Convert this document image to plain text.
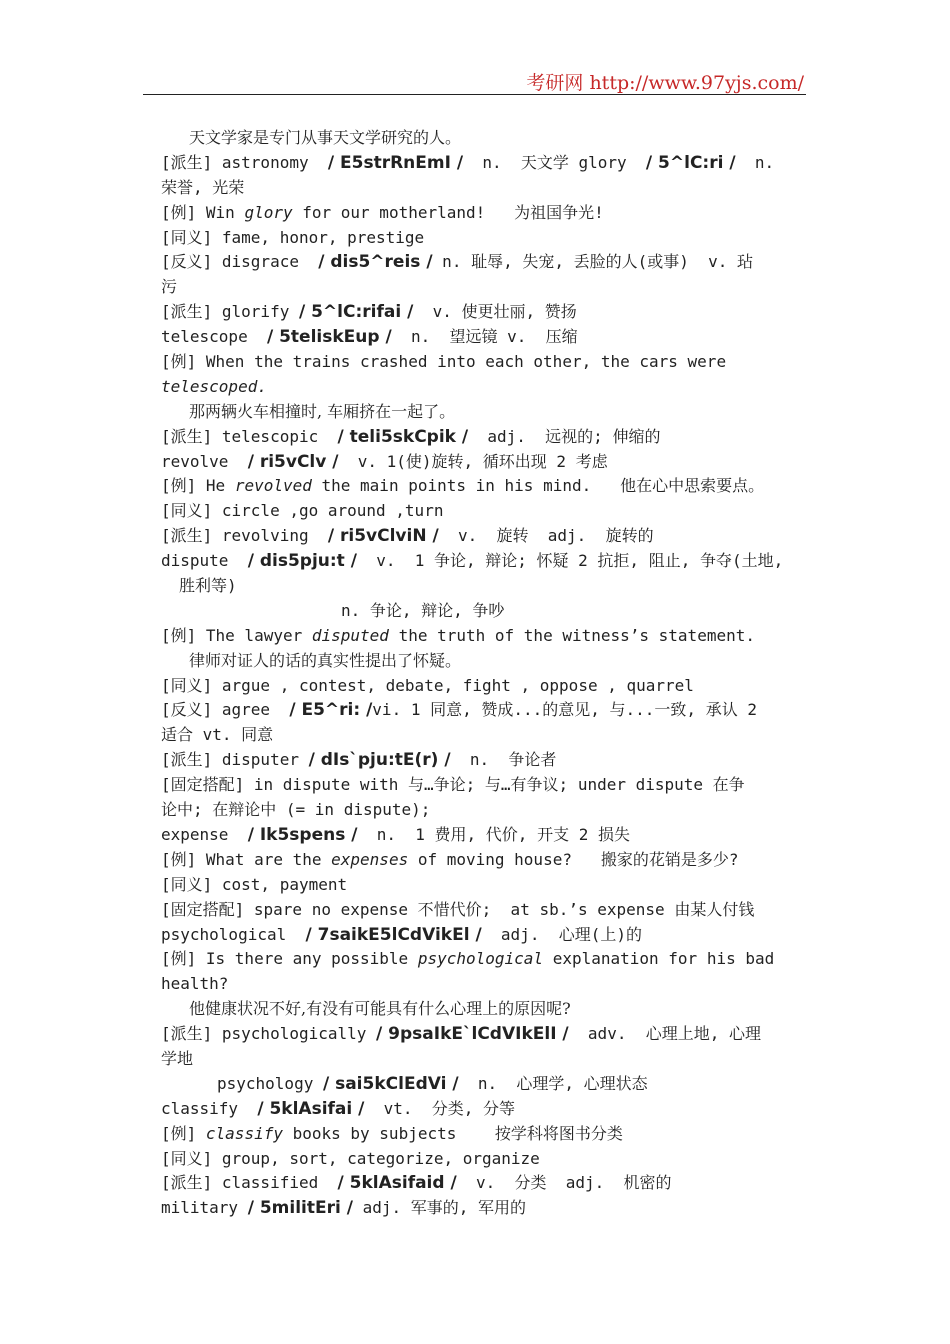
考研网 http://www.97yjs.com/
天文学家是专门从事天文学研究的人。
[派生] astronomy  / E5strRnEmI /  n.  天文学 glory  / 5^lC:ri /  n.
荣誉, 光荣
[例] Win glory for our motherland!   为祖国争光!
[同义] fame, honor, prestige
[反义] disgrace  / dis5^reis / n. 耻辱, 失宠, 丢脸的人(或事)  v. 玷
污
[派生] glorify / 5^lC:rifai /  v. 使更壮丽, 赞扬
telescope  / 5teliskEup /  n.  望远镜 v.  压缩
[例] When the trains crashed into each other, the cars were
telescoped.
那两辆火车相撞时, 车厢挤在一起了。
[派生] telescopic  / teli5skCpik /  adj.  远视的; 伸缩的
revolve  / ri5vClv /  v. 1(使)旋转, 循环出现 2 考虑
[例] He revolved the main points in his mind.   他在心中思索要点。
[同义] circle ,go around ,turn
[派生] revolving  / ri5vClviN /  v.  旋转  adj.  旋转的
dispute  / dis5pju:t /  v.  1 争论, 辩论; 怀疑 2 抗拒, 阻止, 争夺(土地,
胜利等)
n. 争论, 辩论, 争吵
[例] The lawyer disputed the truth of the witness’s statement.
律师对证人的话的真实性提出了怀疑。
[同义] argue , contest, debate, fight , oppose , quarrel
[反义] agree  / E5^ri: /vi. 1 同意, 赞成...的意见, 与...一致, 承认 2
适合 vt. 同意
[派生] disputer / dIs`pju:tE(r) /  n.  争论者
[固定搭配] in dispute with 与…争论; 与…有争议; under dispute 在争
论中; 在辩论中 (= in dispute);
expense  / Ik5spens /  n.  1 费用, 代价, 开支 2 损失
[例] What are the expenses of moving house?   搬家的花销是多少?
[同义] cost, payment
[固定搭配] spare no expense 不惜代价;  at sb.’s expense 由某人付钱
psychological  / 7saikE5lCdVikEl /  adj.  心理(上)的
[例] Is there any possible psychological explanation for his bad
health?
他健康状况不好,有没有可能具有什么心理上的原因呢?
[派生] psychologically / 9psaIkE`lCdVIkElI /  adv.  心理上地, 心理
学地
psychology / sai5kClEdVi /  n.  心理学, 心理状态
classify  / 5klAsifai /  vt.  分类, 分等
[例] classify books by subjects    按学科将图书分类
[同义] group, sort, categorize, organize
[派生] classified  / 5klAsifaid /  v.  分类  adj.  机密的
military / 5militEri / adj. 军事的, 军用的
